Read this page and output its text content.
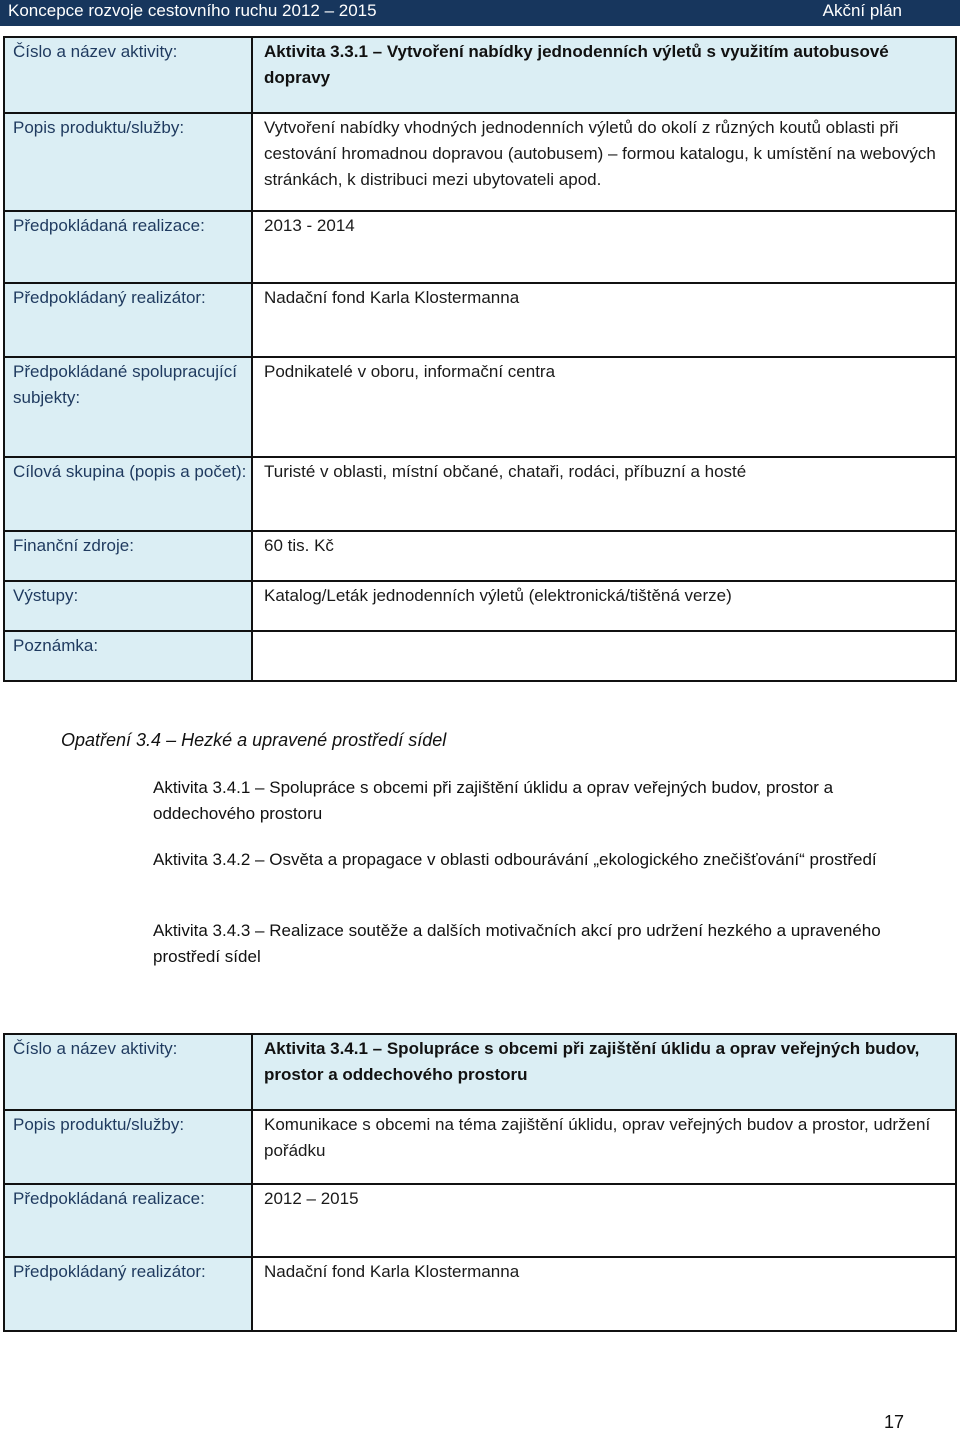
Koncepce rozvoje cestovního ruchu 2012 – 2015	Akční plán
Číslo a název aktivity:	Aktivita 3.3.1 – Vytvoření nabídky jednodenních výletů s využitím autobusové dopravy
Popis produktu/služby:	Vytvoření nabídky vhodných jednodenních výletů do okolí z různých koutů oblasti při cestování hromadnou dopravou (autobusem) – formou katalogu, k umístění na webových stránkách, k distribuci mezi ubytovateli apod.
Předpokládaná realizace:	2013 - 2014
Předpokládaný realizátor:	Nadační fond Karla Klostermanna
Předpokládané spolupracující subjekty:	Podnikatelé v oboru, informační centra
Cílová skupina (popis a počet):	Turisté v oblasti, místní občané, chataři, rodáci, příbuzní a hosté
Finanční zdroje:	60 tis. Kč
Výstupy:	Katalog/Leták jednodenních výletů (elektronická/tištěná verze)
Poznámka:	
Opatření 3.4 – Hezké a upravené prostředí sídel
Aktivita 3.4.1 – Spolupráce s obcemi při zajištění úklidu a oprav veřejných budov, prostor a oddechového prostoru
Aktivita 3.4.2 – Osvěta a propagace v oblasti odbourávání „ekologického znečišťování“ prostředí
Aktivita 3.4.3 – Realizace soutěže a dalších motivačních akcí pro udržení hezkého a upraveného prostředí sídel
Číslo a název aktivity:	Aktivita 3.4.1 – Spolupráce s obcemi při zajištění úklidu a oprav veřejných budov, prostor a oddechového prostoru
Popis produktu/služby:	Komunikace s obcemi na téma zajištění úklidu, oprav veřejných budov a prostor, udržení pořádku
Předpokládaná realizace:	2012 – 2015
Předpokládaný realizátor:	Nadační fond Karla Klostermanna
17
